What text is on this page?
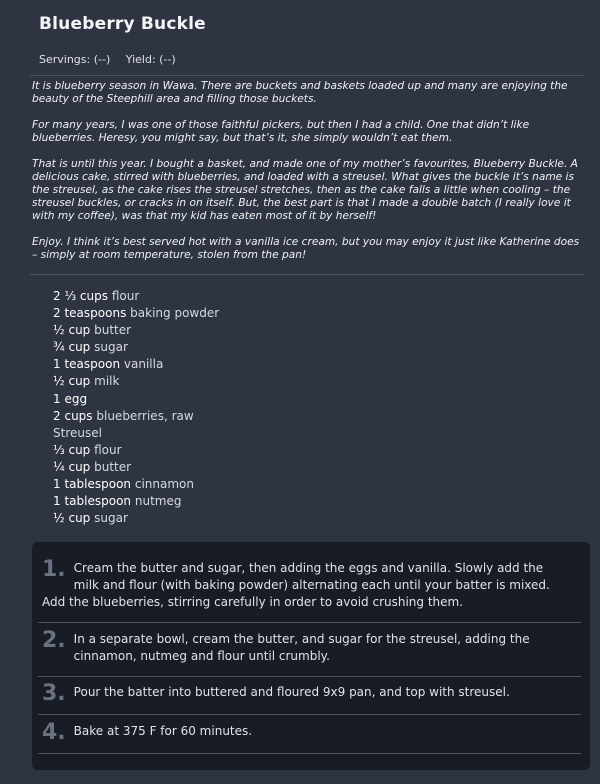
Blueberry Buckle
Servings: (--) Yield: (--)

It is blueberry season in Wawa. There are buckets and baskets loaded up and many are enjoying the beauty of the Steephill area and filling those buckets.

For many years, I was one of those faithful pickers, but then I had a child. One that didn’t like blueberries. Heresy, you might say, but that’s it, she simply wouldn’t eat them.

That is until this year. I bought a basket, and made one of my mother’s favourites, Blueberry Buckle. A delicious cake, stirred with blueberries, and loaded with a streusel. What gives the buckle it’s name is the streusel, as the cake rises the streusel stretches, then as the cake falls a little when cooling – the streusel buckles, or cracks in on itself. But, the best part is that I made a double batch (I really love it with my coffee), was that my kid has eaten most of it by herself!

Enjoy. I think it’s best served hot with a vanilla ice cream, but you may enjoy it just like Katherine does – simply at room temperature, stolen from the pan!

2 ⅓ cups flour
2 teaspoons baking powder
½ cup butter
¾ cup sugar
1 teaspoon vanilla
½ cup milk
1 egg
2 cups blueberries, raw
Streusel
⅓ cup flour
¼ cup butter
1 tablespoon cinnamon
1 tablespoon nutmeg
½ cup sugar
1. Cream the butter and sugar, then adding the eggs and vanilla. Slowly add the milk and flour (with baking powder) alternating each until your batter is mixed. Add the blueberries, stirring carefully in order to avoid crushing them.
2. In a separate bowl, cream the butter, and sugar for the streusel, adding the cinnamon, nutmeg and flour until crumbly.
3. Pour the batter into buttered and floured 9x9 pan, and top with streusel.
4. Bake at 375 F for 60 minutes.
